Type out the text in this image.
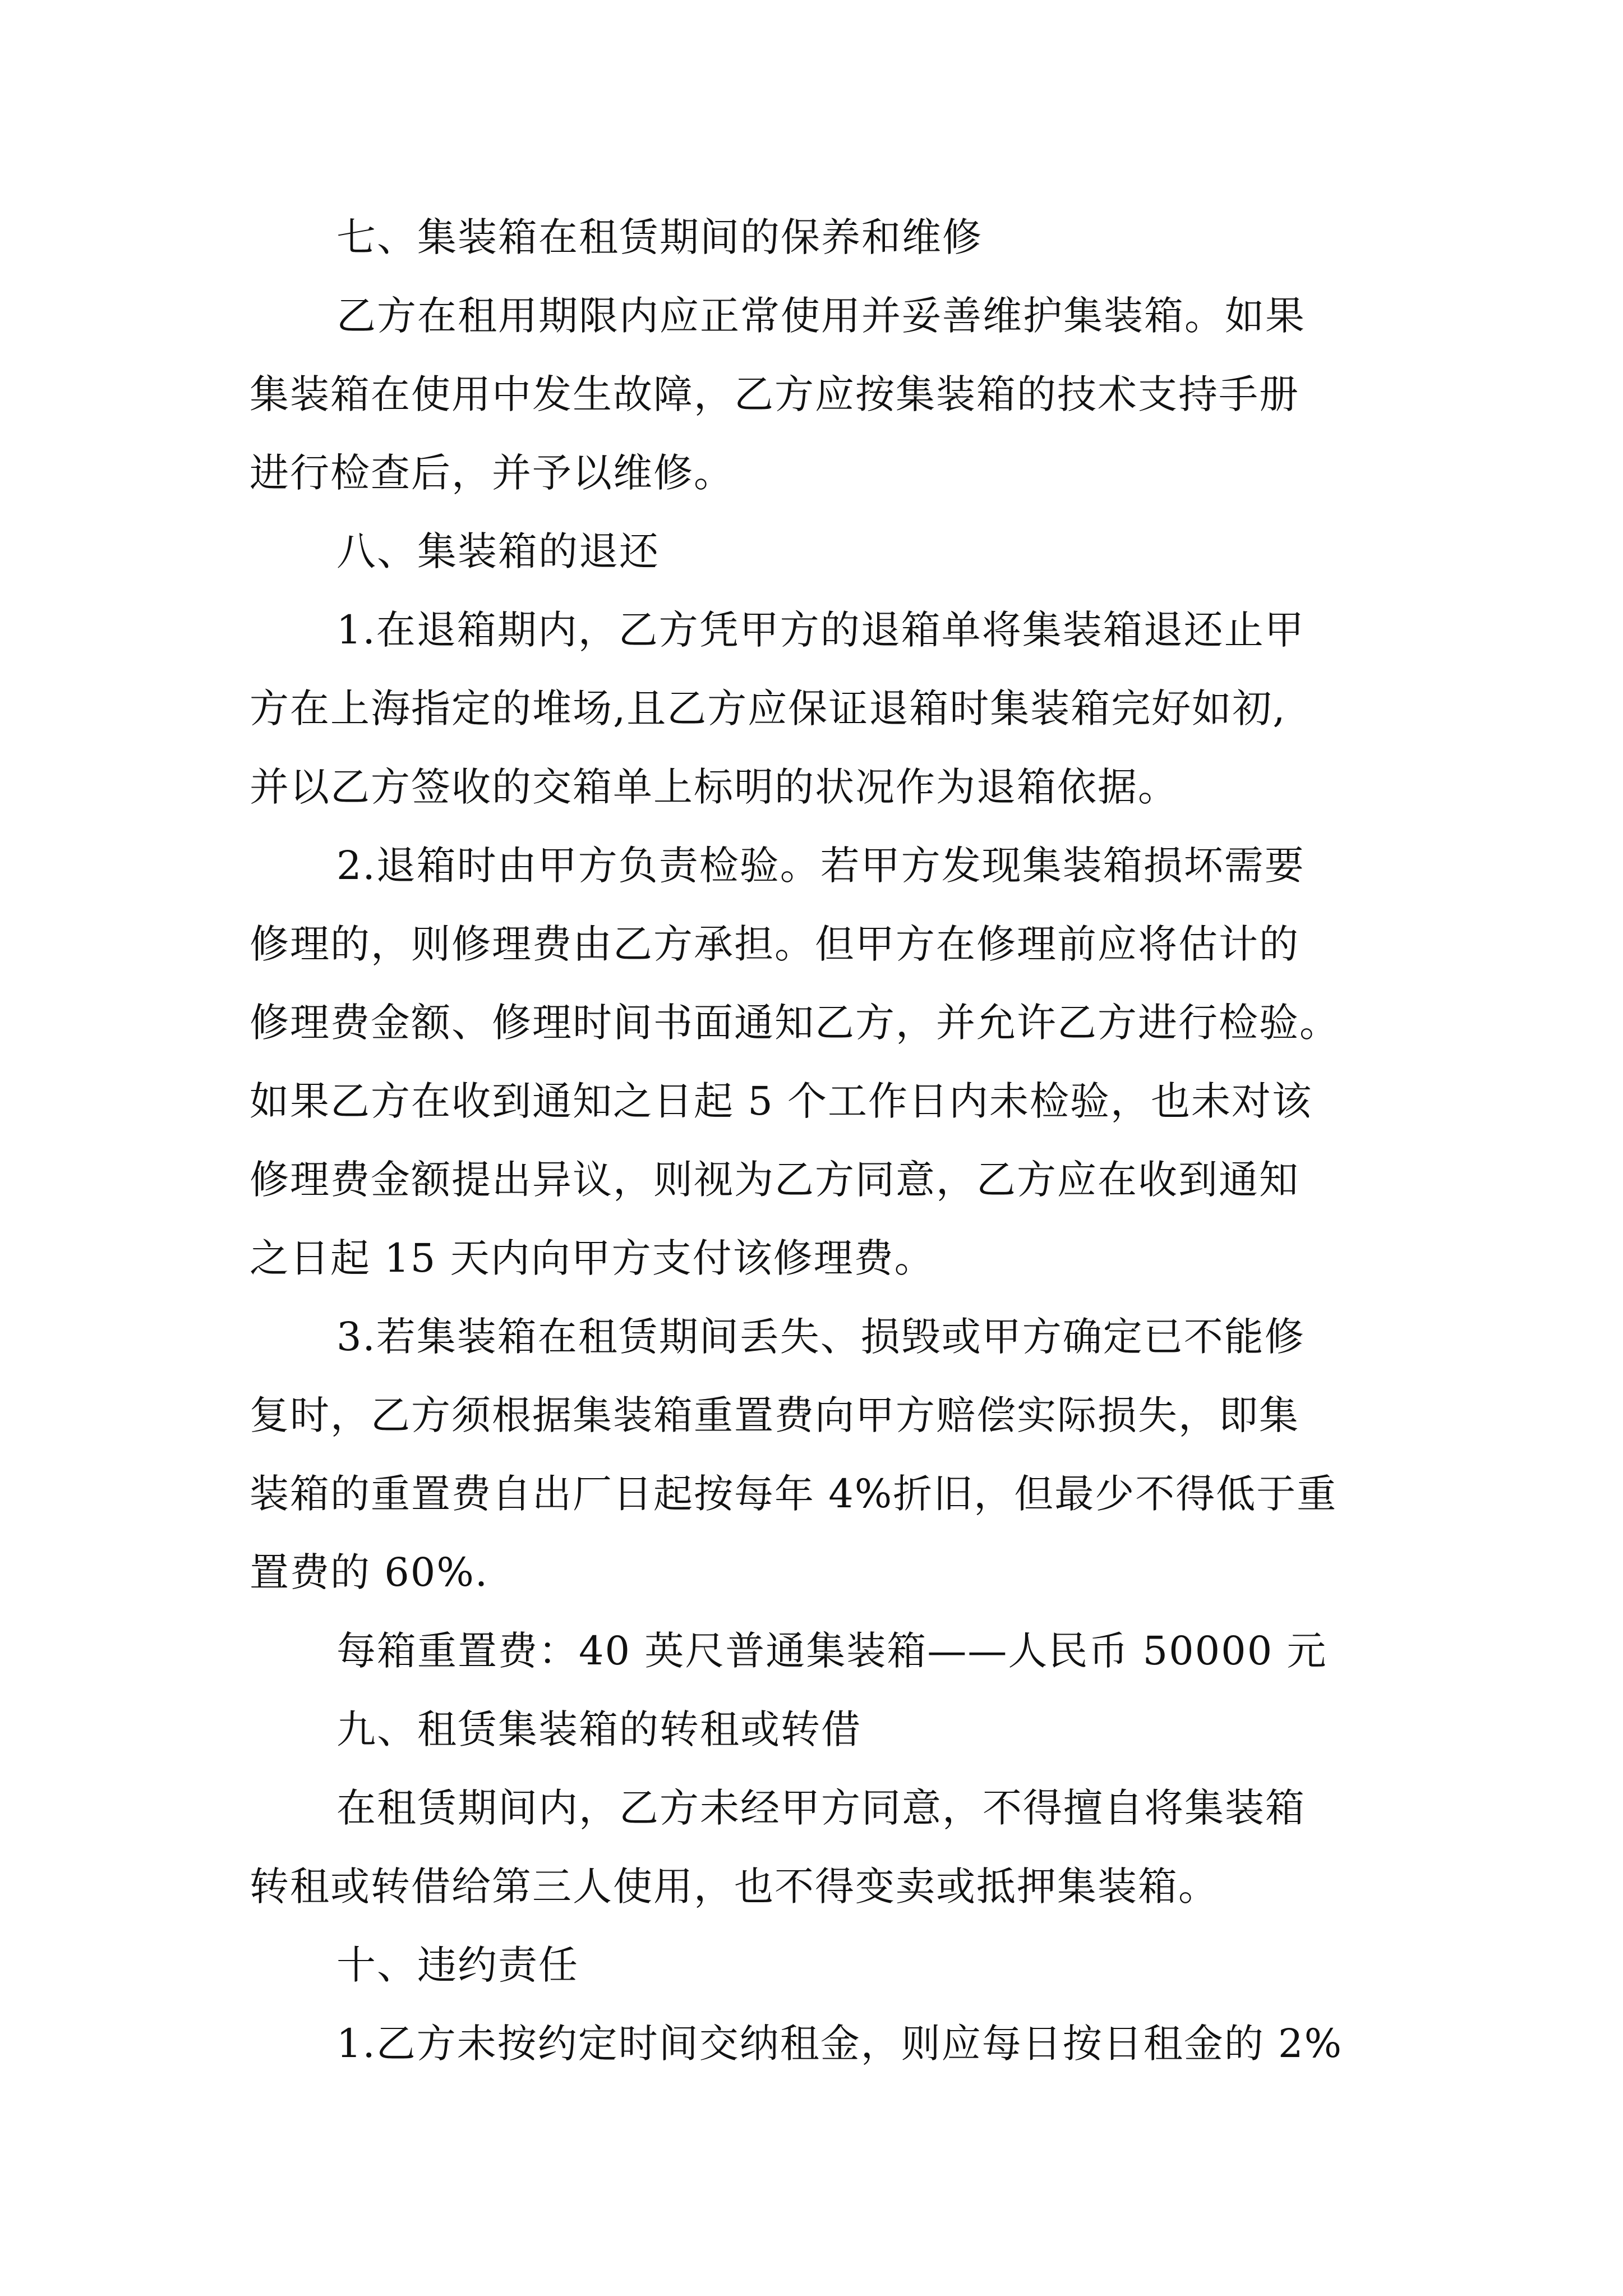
七、集装箱在租赁期间的保养和维修
乙方在租用期限内应正常使用并妥善维护集装箱。如果
集装箱在使用中发生故障，乙方应按集装箱的技术支持手册
进行检查后，并予以维修。
八、集装箱的退还
1.在退箱期内，乙方凭甲方的退箱单将集装箱退还止甲
方在上海指定的堆场,且乙方应保证退箱时集装箱完好如初,
并以乙方签收的交箱单上标明的状况作为退箱依据。
2.退箱时由甲方负责检验。若甲方发现集装箱损坏需要
修理的，则修理费由乙方承担。但甲方在修理前应将估计的
修理费金额、修理时间书面通知乙方，并允许乙方进行检验。
如果乙方在收到通知之日起 5 个工作日内未检验，也未对该
修理费金额提出异议，则视为乙方同意，乙方应在收到通知
之日起 15 天内向甲方支付该修理费。
3.若集装箱在租赁期间丢失、损毁或甲方确定已不能修
复时，乙方须根据集装箱重置费向甲方赔偿实际损失，即集
装箱的重置费自出厂日起按每年 4%折旧，但最少不得低于重
置费的 60%.
每箱重置费：40 英尺普通集装箱——人民币 50000 元
九、租赁集装箱的转租或转借
在租赁期间内，乙方未经甲方同意，不得擅自将集装箱
转租或转借给第三人使用，也不得变卖或抵押集装箱。
十、违约责任
1.乙方未按约定时间交纳租金，则应每日按日租金的 2%
